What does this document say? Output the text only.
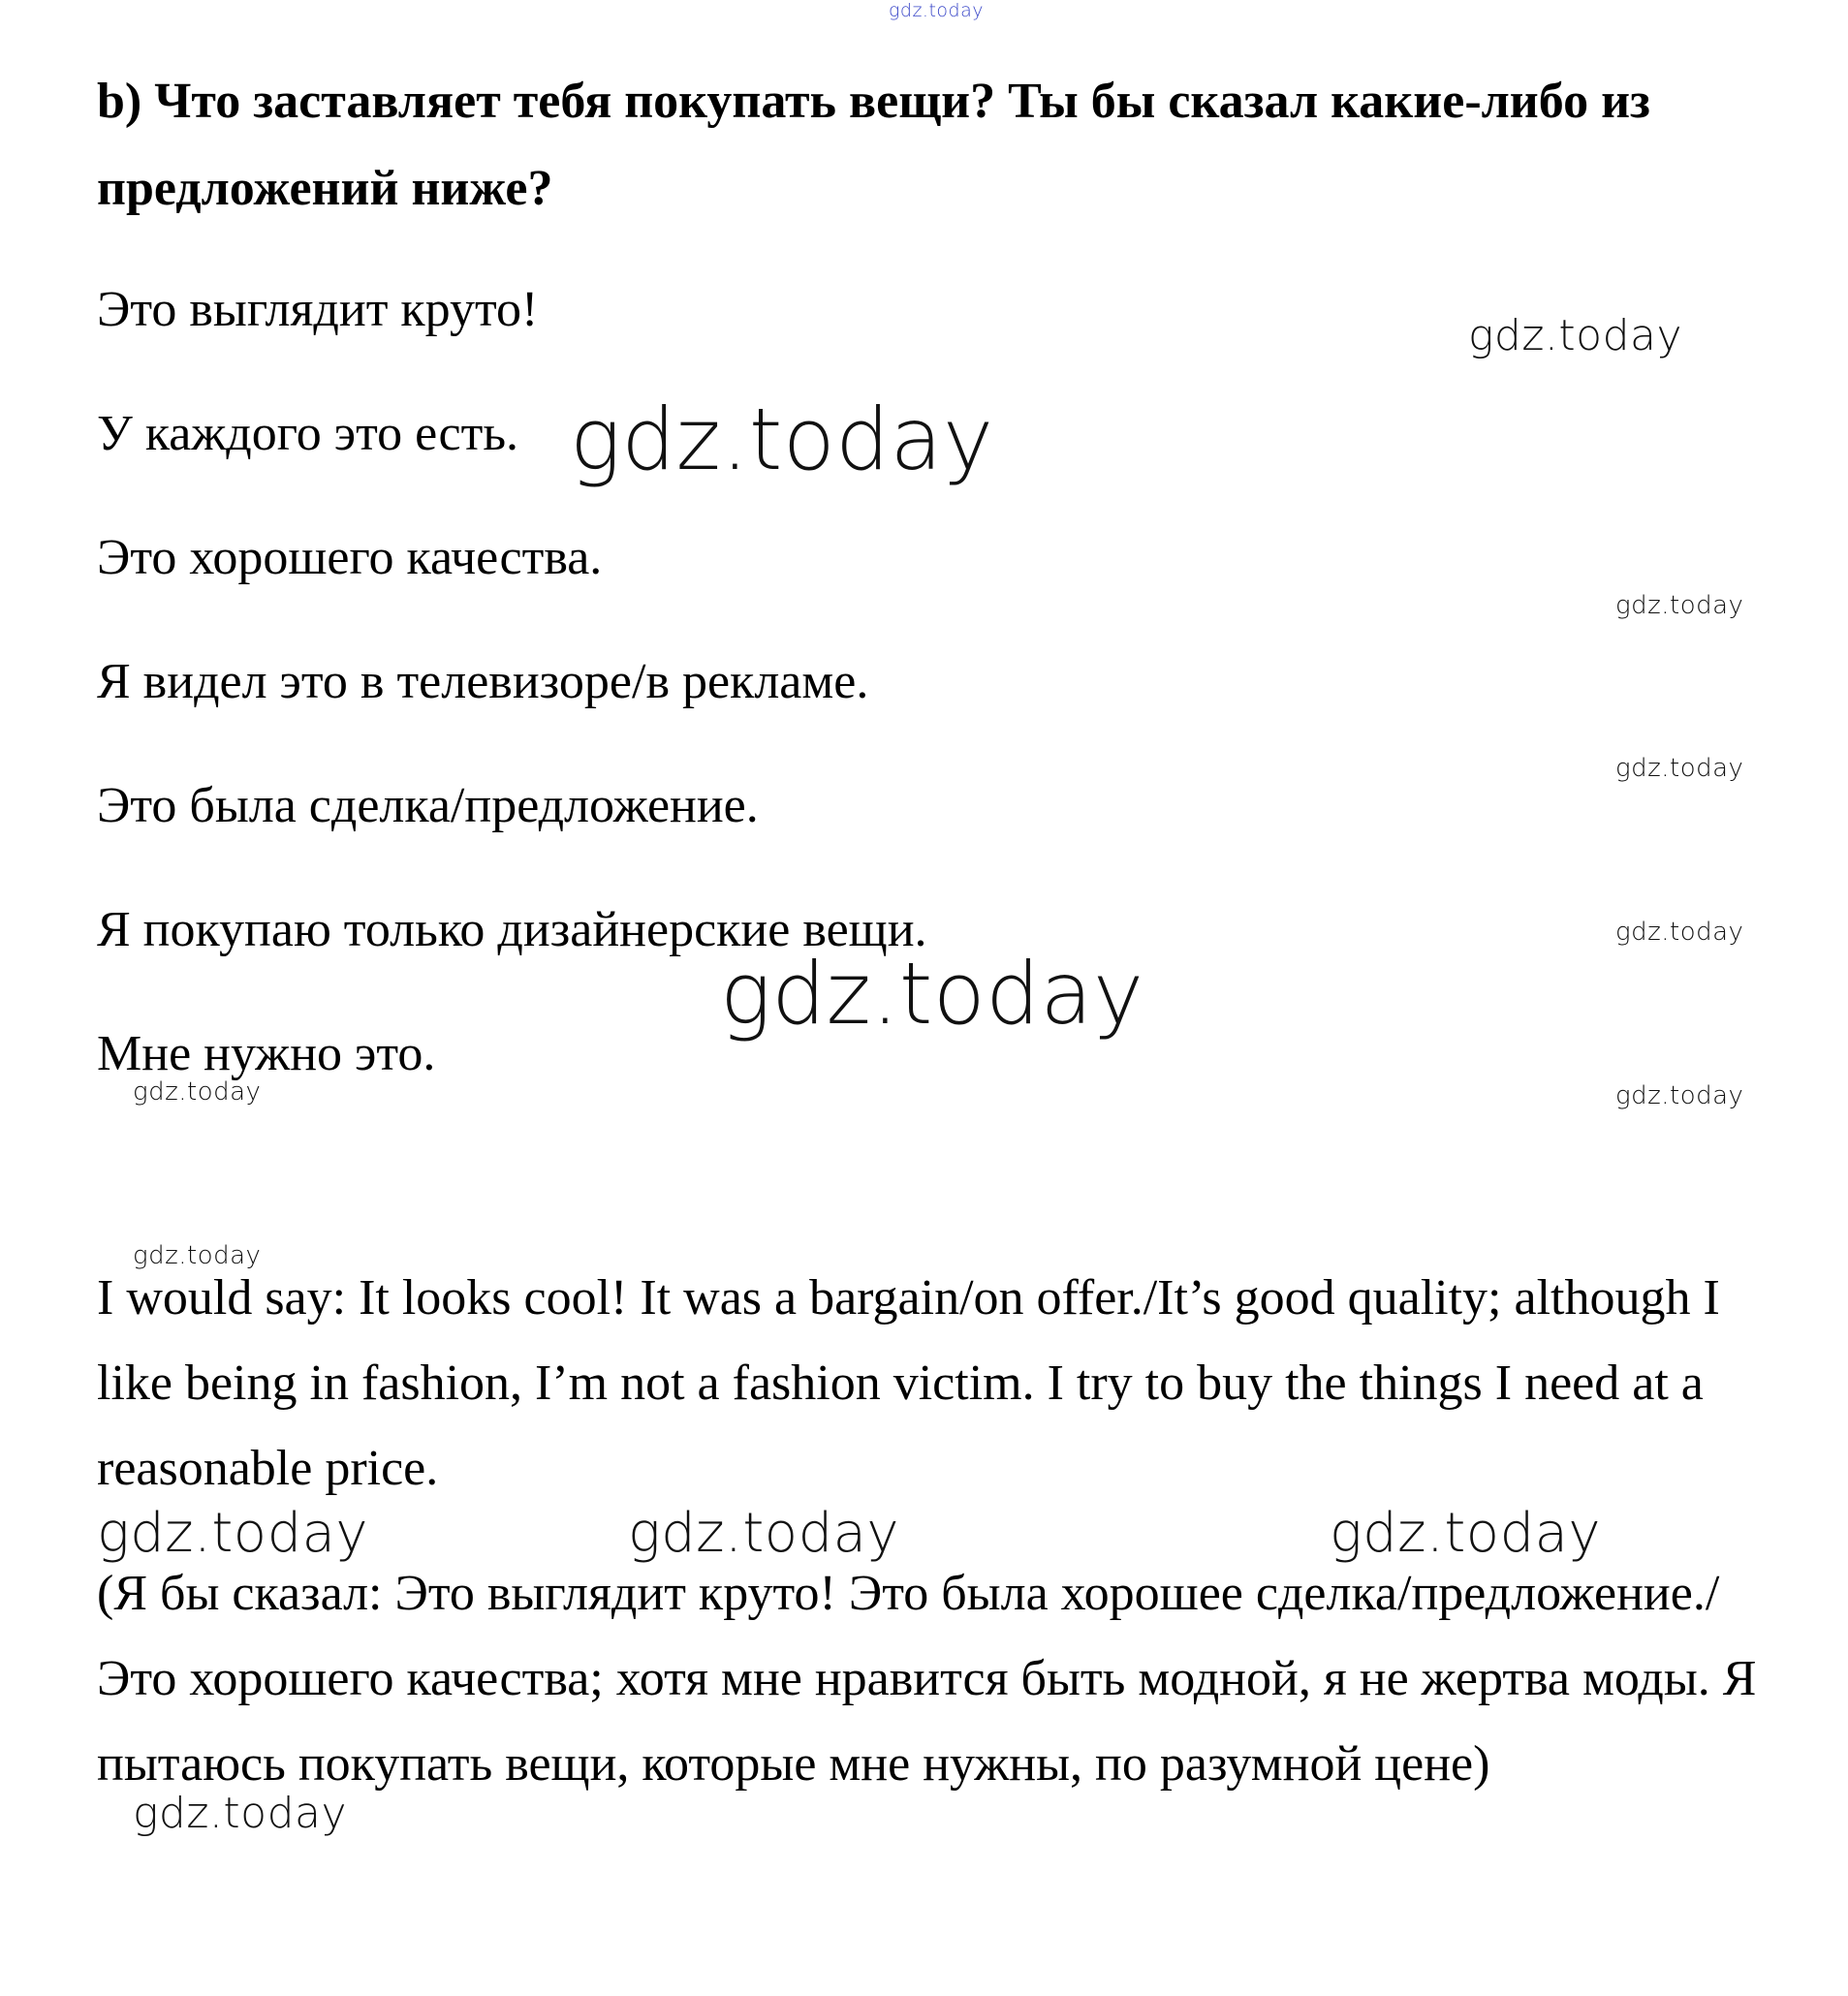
b) Что заставляет тебя покупать вещи? Ты бы сказал какие-либо из предложений ниже?

Это выглядит круто!

У каждого это есть.

Это хорошего качества.

Я видел это в телевизоре/в рекламе.

Это была сделка/предложение.

Я покупаю только дизайнерские вещи.

Мне нужно это.

I would say: It looks cool! It was a bargain/on offer./It’s good quality; although I like being in fashion, I’m not a fashion victim. I try to buy the things I need at a reasonable price.

(Я бы сказал: Это выглядит круто! Это была хорошее сделка/предложение./Это хорошего качества; хотя мне нравится быть модной, я не жертва моды. Я пытаюсь покупать вещи, которые мне нужны, по разумной цене)

gdz.today
gdz.today
gdz.today
gdz.today
gdz.today
gdz.today
gdz.today
gdz.today	gdz.today
gdz.today
gdz.today	gdz.today	gdz.today
gdz.today
